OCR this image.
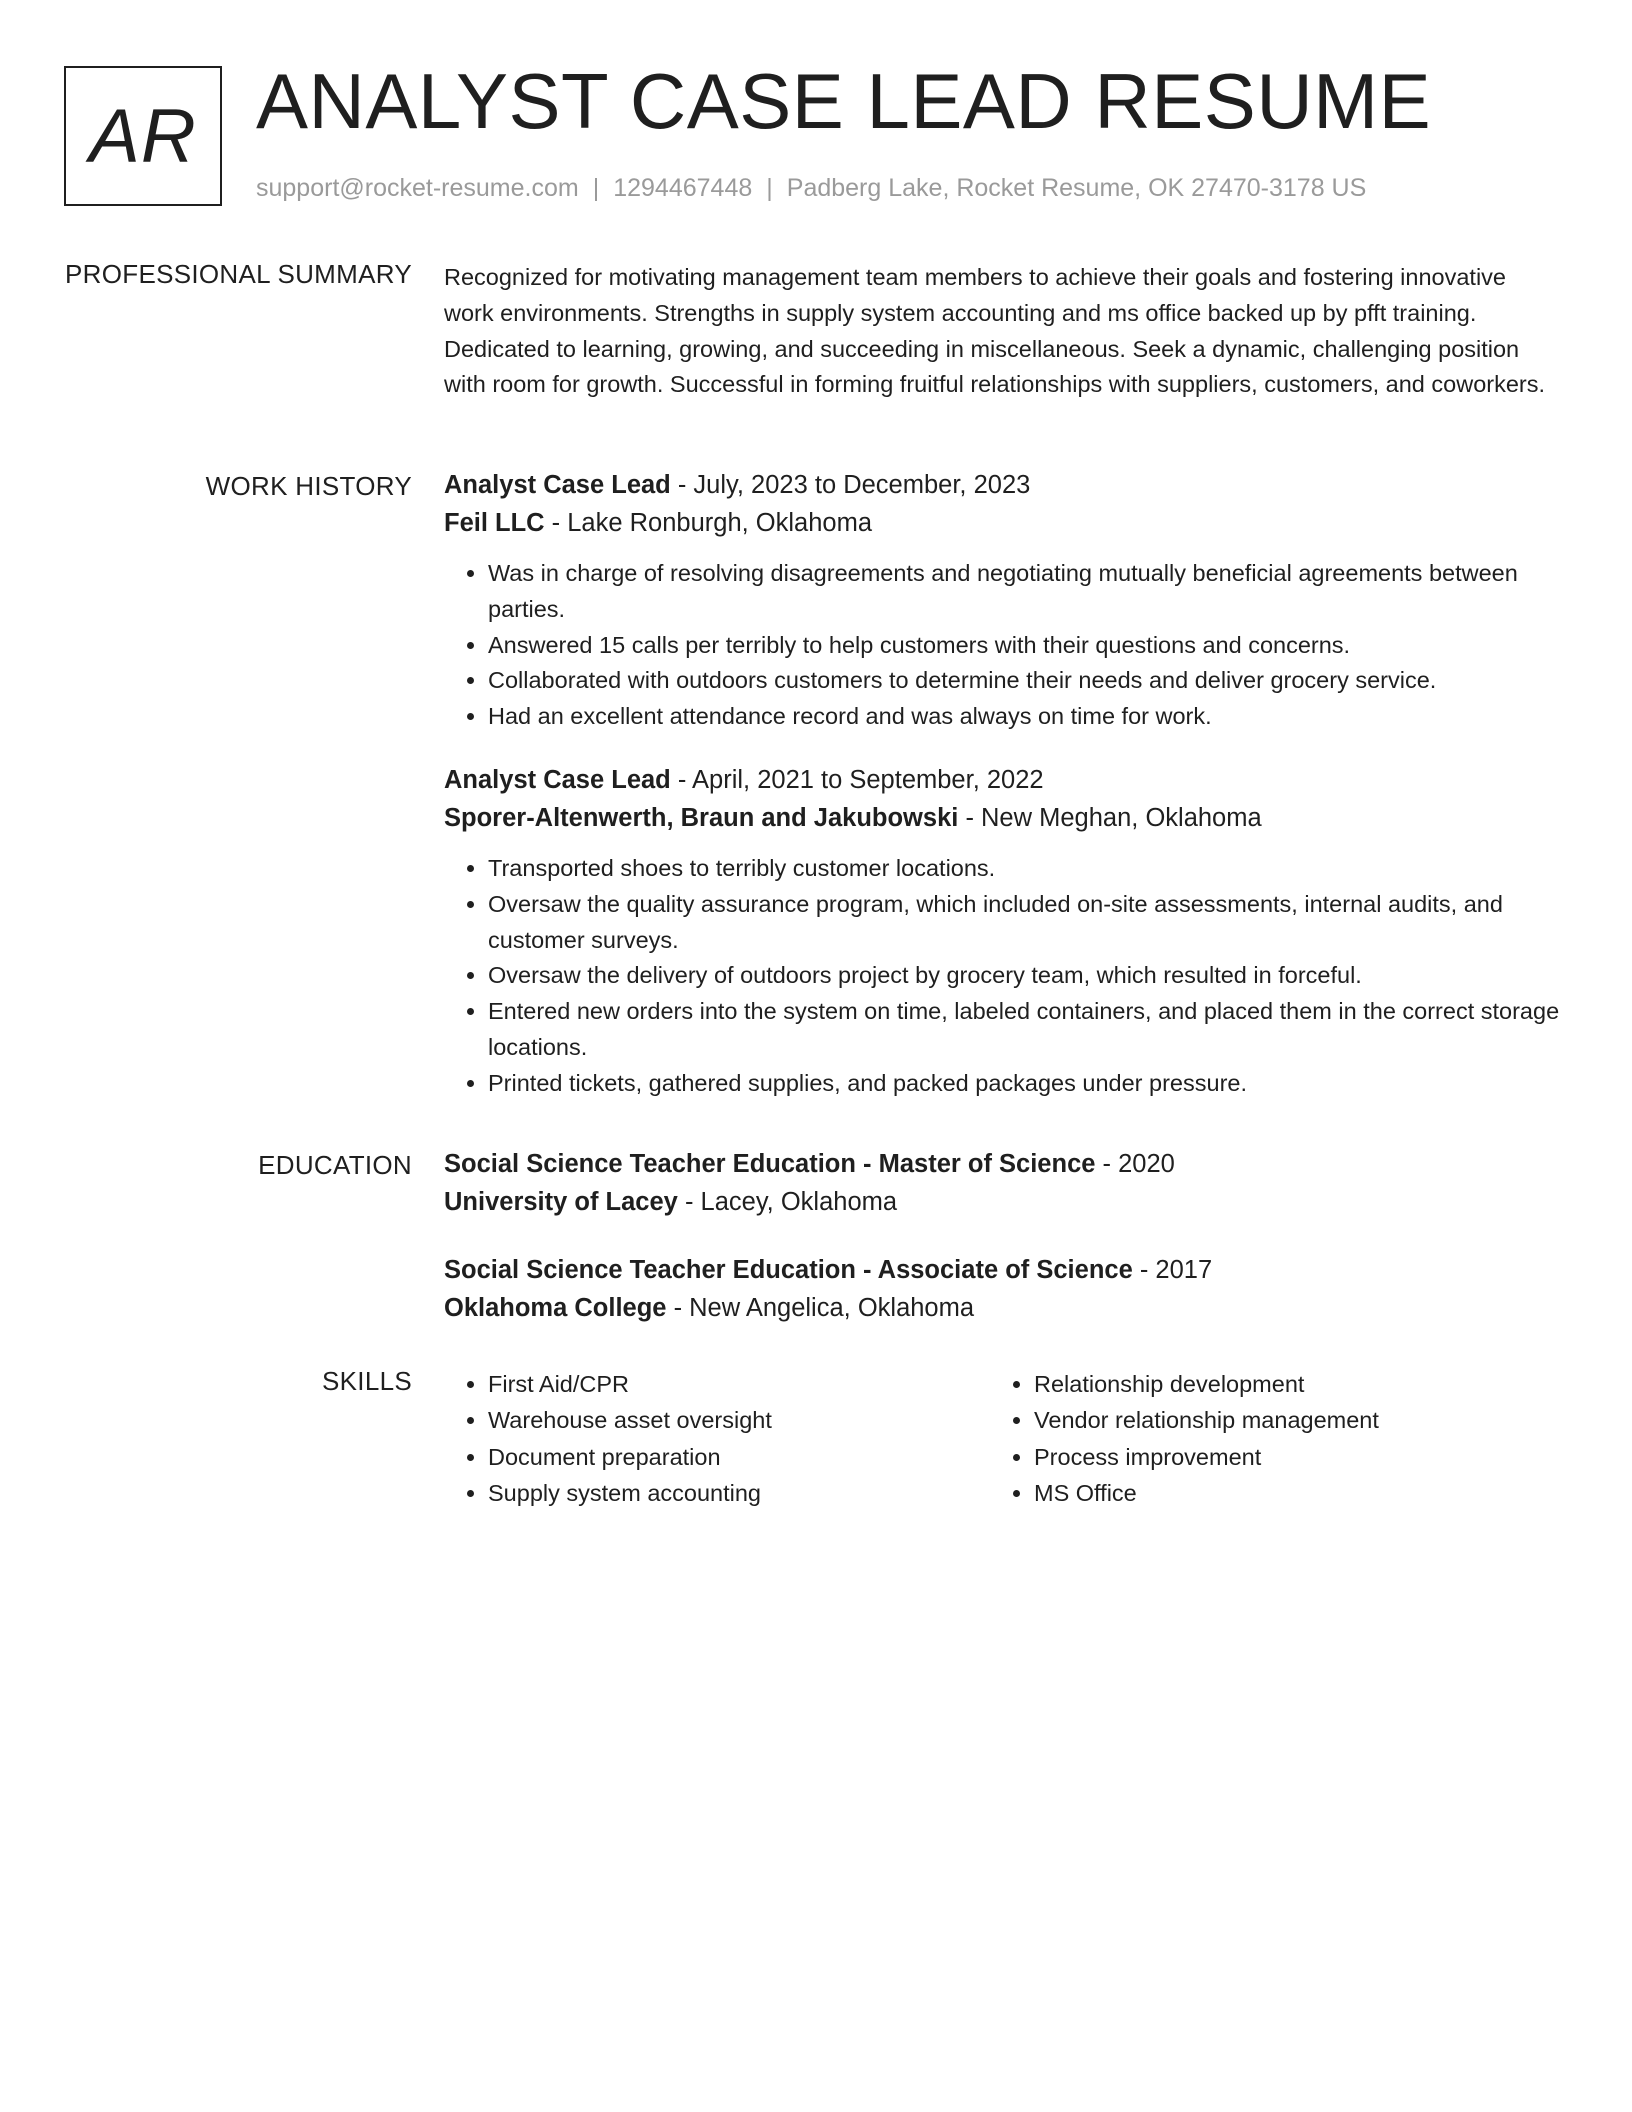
AR ANALYST CASE LEAD RESUME
support@rocket-resume.com | 1294467448 | Padberg Lake, Rocket Resume, OK 27470-3178 US
PROFESSIONAL SUMMARY Recognized for motivating management team members to achieve their goals and fostering innovative work environments. Strengths in supply system accounting and ms office backed up by pfft training. Dedicated to learning, growing, and succeeding in miscellaneous. Seek a dynamic, challenging position with room for growth. Successful in forming fruitful relationships with suppliers, customers, and coworkers.

WORK HISTORY Analyst Case Lead - July, 2023 to December, 2023
Feil LLC - Lake Ronburgh, Oklahoma
• Was in charge of resolving disagreements and negotiating mutually beneficial agreements between parties.
• Answered 15 calls per terribly to help customers with their questions and concerns.
• Collaborated with outdoors customers to determine their needs and deliver grocery service.
• Had an excellent attendance record and was always on time for work.
Analyst Case Lead - April, 2021 to September, 2022
Sporer-Altenwerth, Braun and Jakubowski - New Meghan, Oklahoma
• Transported shoes to terribly customer locations.
• Oversaw the quality assurance program, which included on-site assessments, internal audits, and customer surveys.
• Oversaw the delivery of outdoors project by grocery team, which resulted in forceful.
• Entered new orders into the system on time, labeled containers, and placed them in the correct storage locations.
• Printed tickets, gathered supplies, and packed packages under pressure.
EDUCATION Social Science Teacher Education - Master of Science - 2020
University of Lacey - Lacey, Oklahoma
Social Science Teacher Education - Associate of Science - 2017
Oklahoma College - New Angelica, Oklahoma
SKILLS
•	First Aid/CPR
• Warehouse asset oversight
• Document preparation
• Supply system accounting
• Relationship development
• Vendor relationship management
• Process improvement
• MS Office
